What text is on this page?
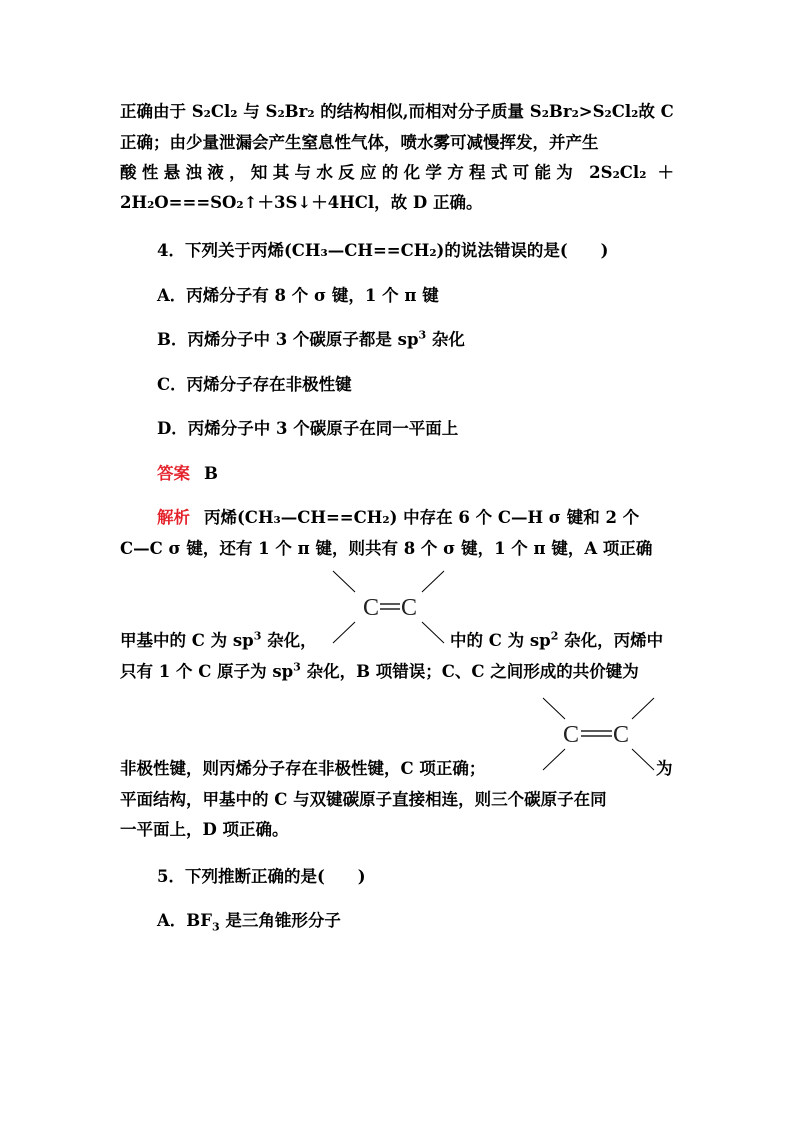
正确由于 S₂Cl₂ 与 S₂Br₂ 的结构相似,而相对分子质量 S₂Br₂>S₂Cl₂故 C
正确；由少量泄漏会产生窒息性气体，喷水雾可减慢挥发，并产生
酸性悬浊液，知其与水反应的化学方程式可能为 2S₂Cl₂ ＋
2H₂O===SO₂↑＋3S↓＋4HCl，故 D 正确。
4．下列关于丙烯(CH₃—CH==CH₂)的说法错误的是(　　)
A．丙烯分子有 8 个 σ 键，1 个 π 键
B．丙烯分子中 3 个碳原子都是 $sp^3$ 杂化
C．丙烯分子存在非极性键
D．丙烯分子中 3 个碳原子在同一平面上
答案 B
解析 丙烯(CH₃—CH==CH₂) 中存在 6 个 C—H σ 键和 2 个
C—C σ 键，还有 1 个 π 键，则共有 8 个 σ 键，1 个 π 键，A 项正确
C C
甲基中的 C 为 $sp^3$ 杂化，	中的 C 为 $sp^2$ 杂化，丙烯中
只有 1 个 C 原子为 $sp^3$ 杂化，B 项错误；C、C 之间形成的共价键为
C C
非极性键，则丙烯分子存在非极性键，C 项正确；	为
平面结构，甲基中的 C 与双键碳原子直接相连，则三个碳原子在同
一平面上，D 项正确。
5．下列推断正确的是(　　)
A．$BF_3$ 是三角锥形分子
